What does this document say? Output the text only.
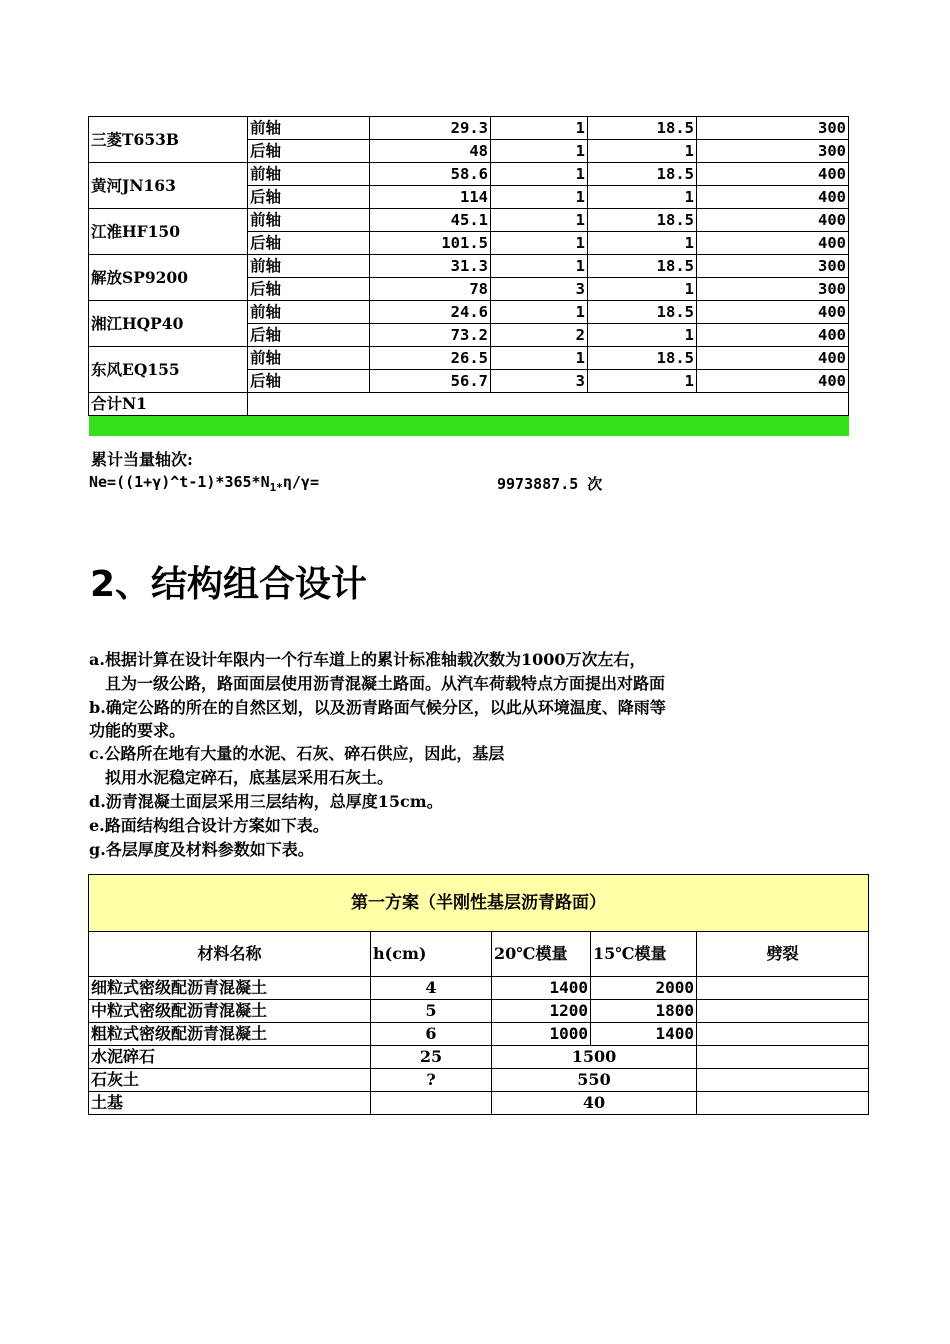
三菱T653B	前轴	29.3	1	18.5	300
	后轴	48	1	1	300
黄河JN163	前轴	58.6	1	18.5	400
	后轴	114	1	1	400
江淮HF150	前轴	45.1	1	18.5	400
	后轴	101.5	1	1	400
解放SP9200	前轴	31.3	1	18.5	300
	后轴	78	3	1	300
湘江HQP40	前轴	24.6	1	18.5	400
	后轴	73.2	2	1	400
东风EQ155	前轴	26.5	1	18.5	400
	后轴	56.7	3	1	400
合计N1					

累计当量轴次:
$Ne=((1+\gamma)\^{}t-1)*365*N_{1*}\eta/\gamma=$	9973887.5 次
2、结构组合设计
a.根据计算在设计年限内一个行车道上的累计标准轴载次数为1000万次左右，
　且为一级公路，路面面层使用沥青混凝土路面。从汽车荷载特点方面提出对路面
b.确定公路的所在的自然区划，以及沥青路面气候分区，以此从环境温度、降雨等
功能的要求。
c.公路所在地有大量的水泥、石灰、碎石供应，因此，基层
　拟用水泥稳定碎石，底基层采用石灰土。
d.沥青混凝土面层采用三层结构，总厚度15cm。
e.路面结构组合设计方案如下表。
g.各层厚度及材料参数如下表。
第一方案（半刚性基层沥青路面）				
材料名称	h(cm)	20℃模量	15℃模量	劈裂
细粒式密级配沥青混凝土	4	1400	2000	
中粒式密级配沥青混凝土	5	1200	1800	
粗粒式密级配沥青混凝土	6	1000	1400	
水泥碎石	25	1500		
石灰土	?	550		
土基		40		
